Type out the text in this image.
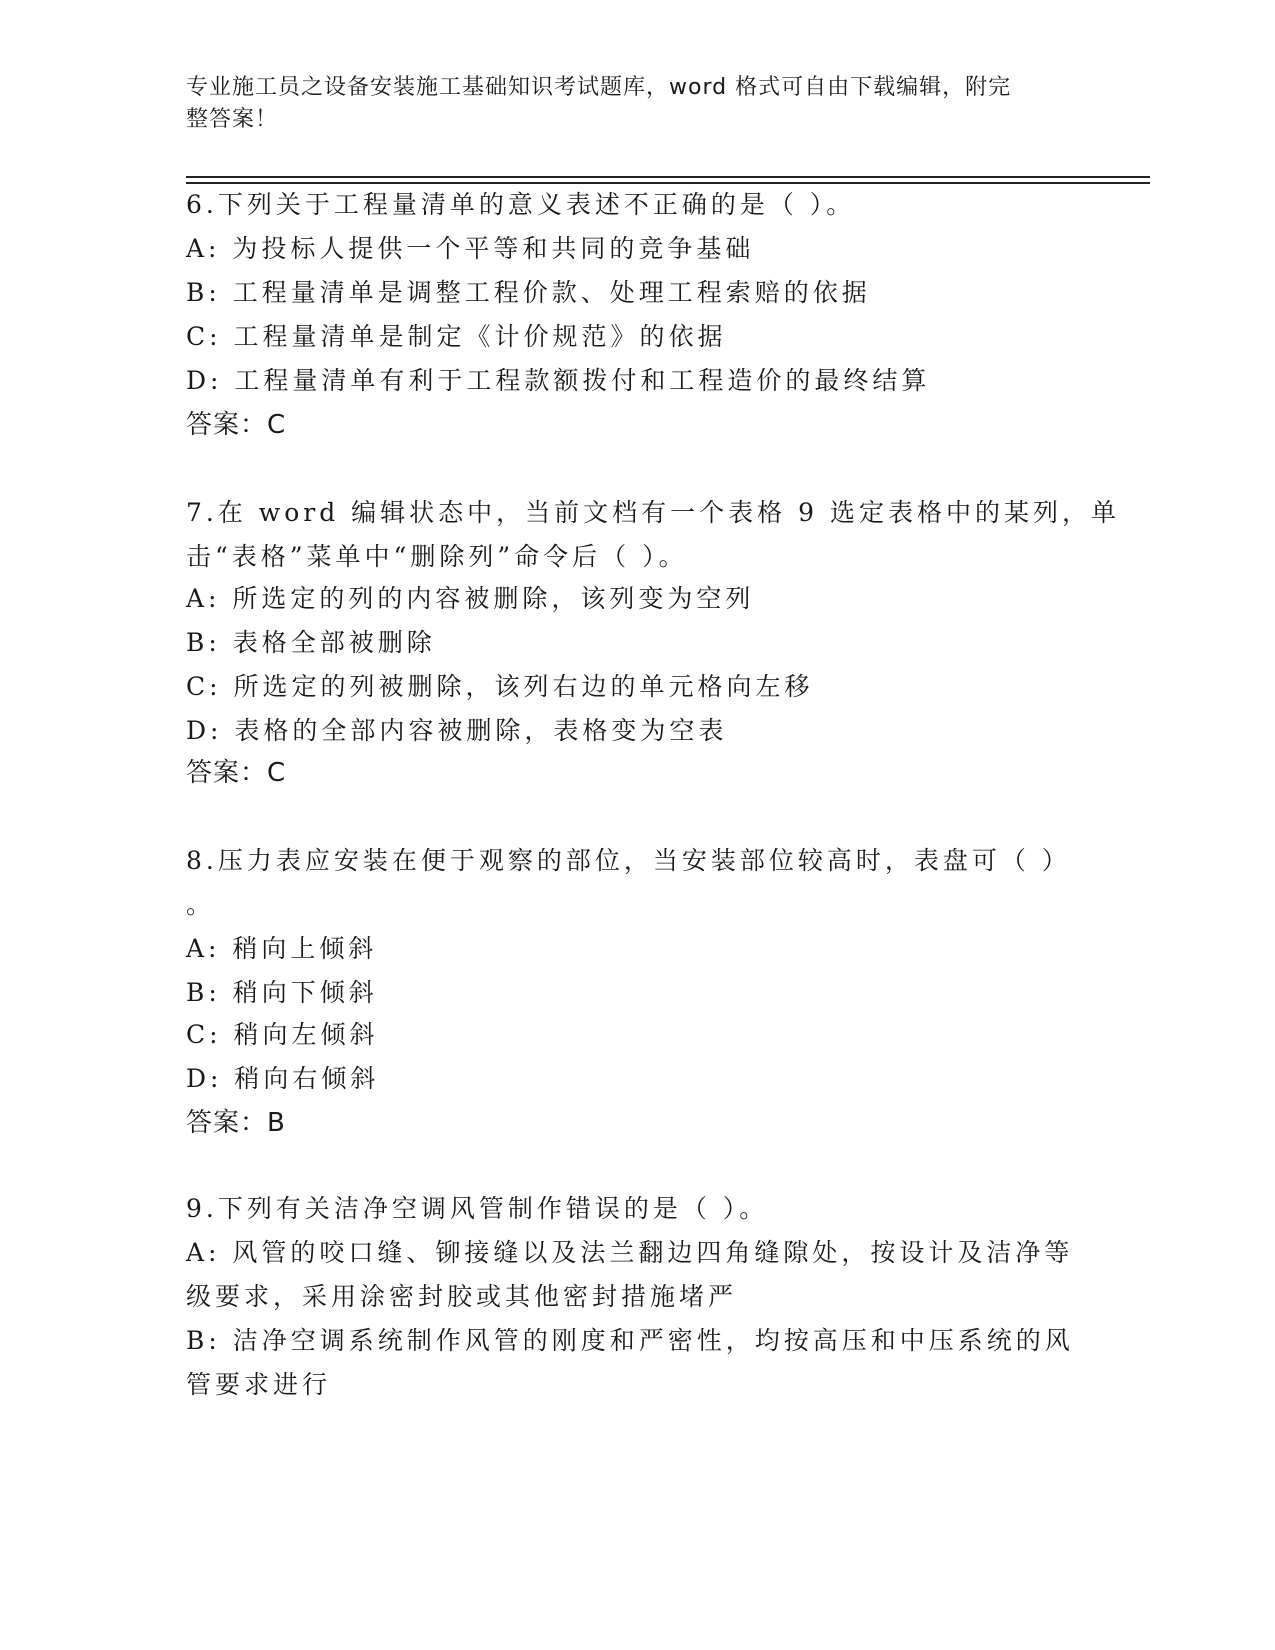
专业施工员之设备安装施工基础知识考试题库，word 格式可自由下载编辑，附完
整答案！
6.下列关于工程量清单的意义表述不正确的是（ ）。
A: 为投标人提供一个平等和共同的竞争基础
B: 工程量清单是调整工程价款、处理工程索赔的依据
C: 工程量清单是制定《计价规范》的依据
D: 工程量清单有利于工程款额拨付和工程造价的最终结算
答案：C
7.在 word 编辑状态中，当前文档有一个表格 9 选定表格中的某列，单
击“表格”菜单中“删除列”命令后（ ）。
A: 所选定的列的内容被删除，该列变为空列
B: 表格全部被删除
C: 所选定的列被删除，该列右边的单元格向左移
D: 表格的全部内容被删除，表格变为空表
答案：C
8.压力表应安装在便于观察的部位，当安装部位较高时，表盘可（ ）
。
A: 稍向上倾斜
B: 稍向下倾斜
C: 稍向左倾斜
D: 稍向右倾斜
答案：B
9.下列有关洁净空调风管制作错误的是（ ）。
A: 风管的咬口缝、铆接缝以及法兰翻边四角缝隙处，按设计及洁净等
级要求，采用涂密封胶或其他密封措施堵严
B: 洁净空调系统制作风管的刚度和严密性，均按高压和中压系统的风
管要求进行
